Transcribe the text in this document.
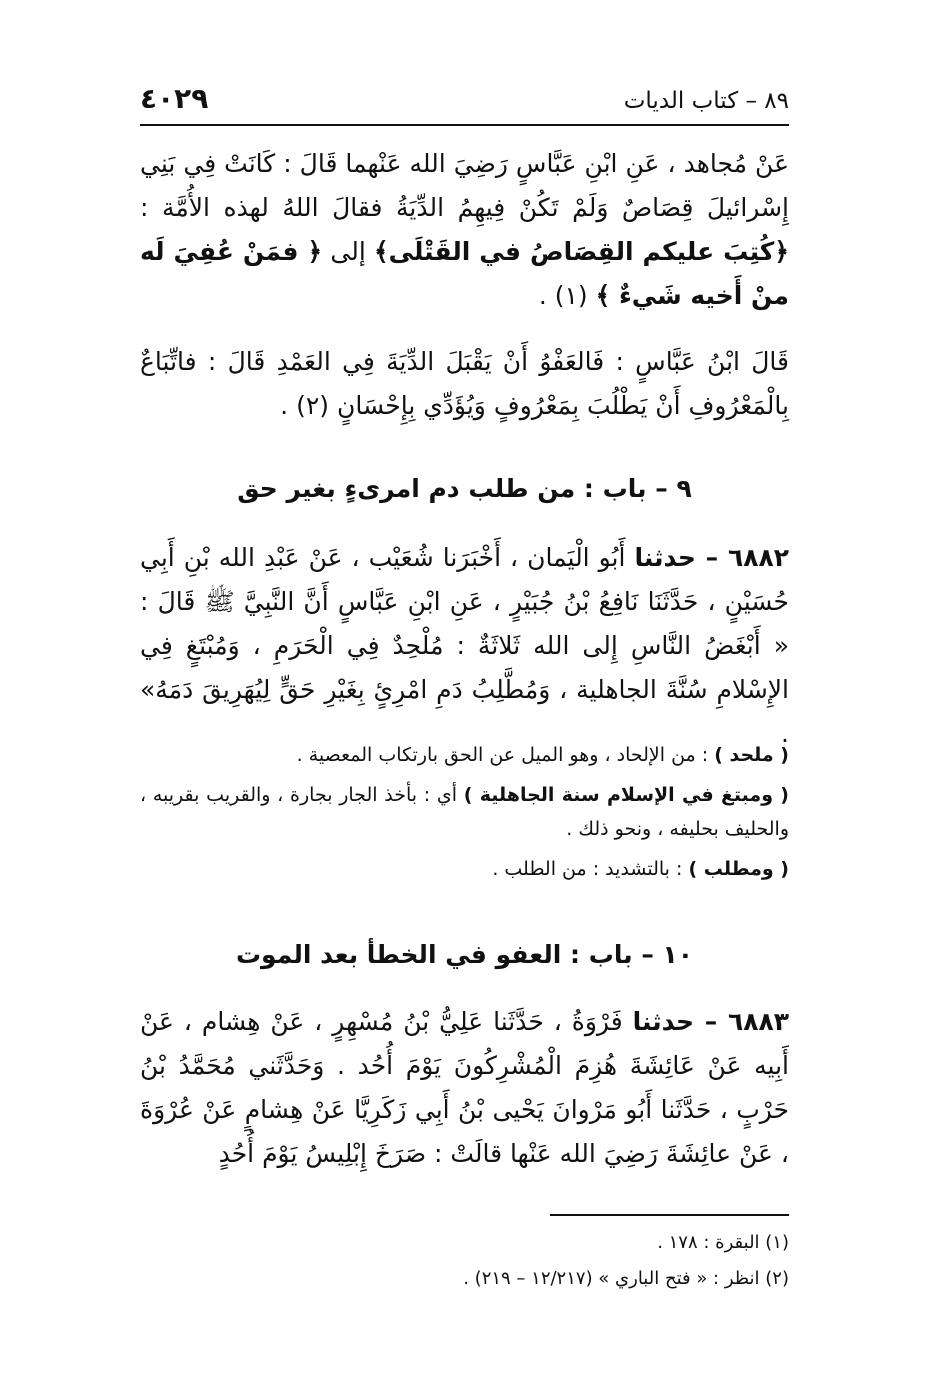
٨٩ – كتاب الديات
٤٠٢٩

عَنْ مُجاهد ، عَنِ ابْنِ عَبَّاسٍ رَضِيَ الله عَنْهما قَالَ : كَانَتْ فِي بَنِي إِسْرائيلَ قِصَاصٌ وَلَمْ تَكُنْ فِيهِمُ الدِّيَةُ فقالَ اللهُ لهذه الأُمَّة : ﴿كُتِبَ عليكم القِصَاصُ في القَتْلَى﴾ إلى ﴿ فمَنْ عُفِيَ لَه منْ أَخيه شَيءٌ ﴾ (١) .

قَالَ ابْنُ عَبَّاسٍ : فَالعَفْوُ أَنْ يَقْبَلَ الدِّيَةَ فِي العَمْدِ قَالَ : فاتِّبَاعٌ بِالْمَعْرُوفِ أَنْ يَطْلُبَ بِمَعْرُوفٍ وَيُؤَدِّي بِإِحْسَانٍ (٢) .

٩ – باب : من طلب دم امرىءٍ بغير حق

٦٨٨٢ – حدثنا أَبُو الْيَمان ، أَخْبَرَنا شُعَيْب ، عَنْ عَبْدِ الله بْنِ أَبِي حُسَيْنٍ ، حَدَّثَنَا نَافِعُ بْنُ جُبَيْرٍ ، عَنِ ابْنِ عَبَّاسٍ أَنَّ النَّبِيَّ ﷺ قَالَ : « أَبْغَضُ النَّاسِ إِلى الله ثَلاثَةٌ : مُلْحِدٌ فِي الْحَرَمِ ، وَمُبْتَغٍ فِي الإِسْلامِ سُنَّةَ الجاهلية ، وَمُطَّلِبُ دَمِ امْرِئٍ بِغَيْرِ حَقٍّ لِيُهَرِيقَ دَمَهُ» .

( ملحد ) : من الإلحاد ، وهو الميل عن الحق بارتكاب المعصية .

( ومبتغ في الإسلام سنة الجاهلية ) أي : بأخذ الجار بجارة ، والقريب بقريبه ، والحليف بحليفه ، ونحو ذلك .

( ومطلب ) : بالتشديد : من الطلب .

١٠ – باب : العفو في الخطأ بعد الموت

٦٨٨٣ – حدثنا فَرْوَةُ ، حَدَّثَنا عَلِيُّ بْنُ مُسْهِرٍ ، عَنْ هِشام ، عَنْ أَبِيه عَنْ عَائِشَةَ هُزِمَ الْمُشْرِكُونَ يَوْمَ أُحُد . وَحَدَّثَني مُحَمَّدُ بْنُ حَرْبٍ ، حَدَّثَنا أَبُو مَرْوانَ يَحْيى بْنُ أَبِي زَكَرِيَّا عَنْ هِشامٍ عَنْ عُرْوَةَ ، عَنْ عائِشَةَ رَضِيَ الله عَنْها قالَتْ : صَرَخَ إِبْلِيسُ يَوْمَ أُحُدٍ

(١) البقرة : ١٧٨ .
(٢) انظر : « فتح الباري » (١٢/٢١٧ – ٢١٩) .
